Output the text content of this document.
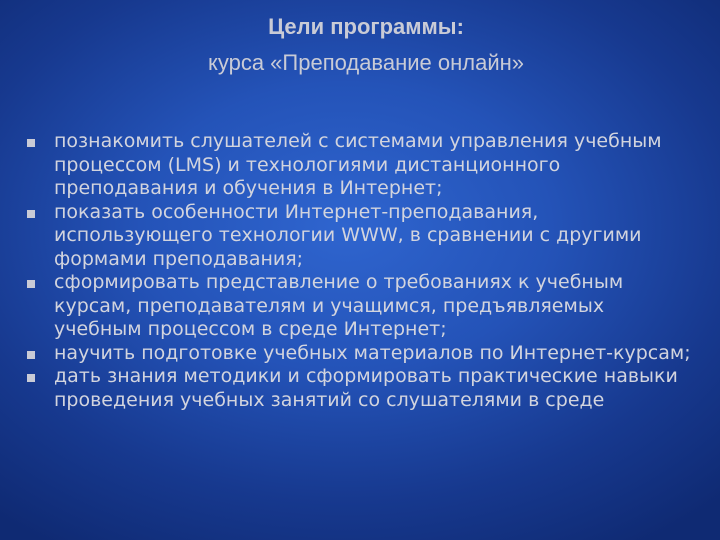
Цели программы:
курса «Преподавание онлайн»
познакомить слушателей с системами управления учебным процессом (LMS) и технологиями дистанционного преподавания и обучения в Интернет;
показать особенности Интернет-преподавания, использующего технологии WWW, в сравнении с другими формами преподавания;
сформировать представление о требованиях к учебным курсам, преподавателям и учащимся, предъявляемых учебным процессом в среде Интернет;
научить подготовке учебных материалов по Интернет-курсам;
дать знания методики и сформировать практические навыки проведения учебных занятий со слушателями в среде
